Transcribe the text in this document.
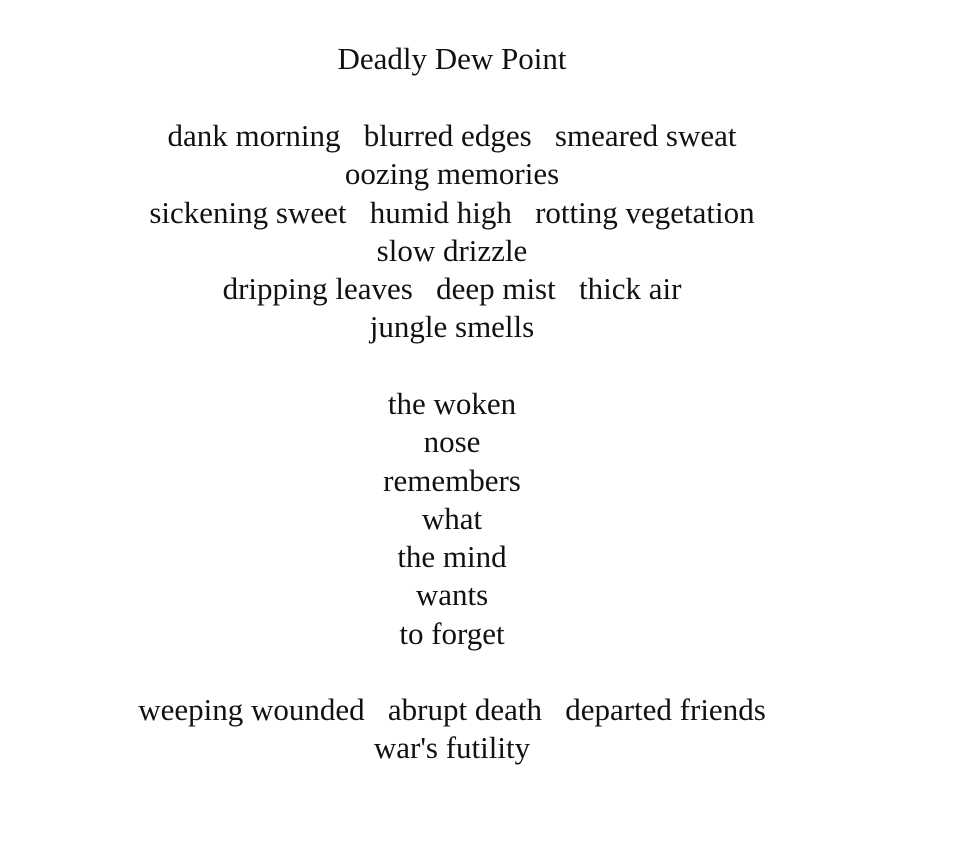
Deadly Dew Point
dank morning   blurred edges   smeared sweat
oozing memories
sickening sweet   humid high   rotting vegetation
slow drizzle
dripping leaves   deep mist   thick air
jungle smells
the woken
nose
remembers
what
the mind
wants
to forget
weeping wounded   abrupt death   departed friends
war's futility
